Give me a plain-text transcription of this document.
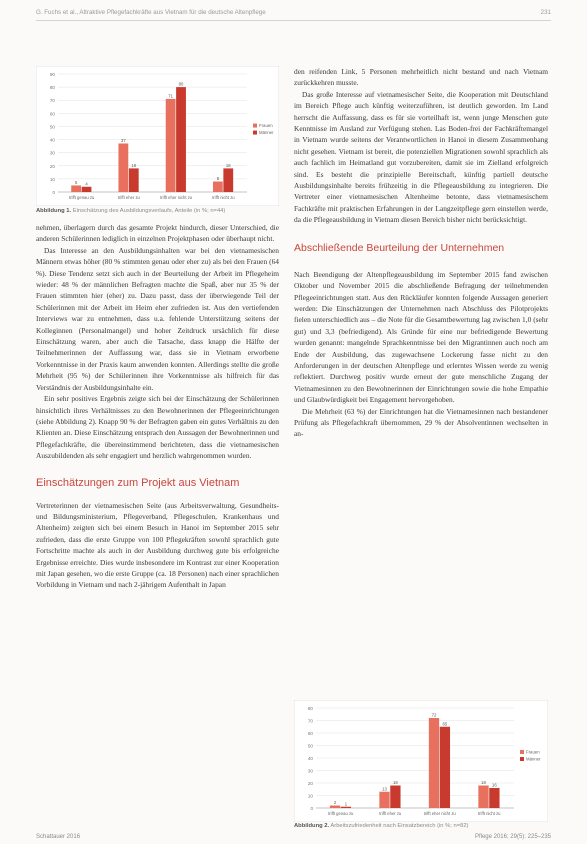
G. Fuchs et al., Attraktive Pflegefachkräfte aus Vietnam für die deutsche Altenpflege	231
0
10
20
30
40
50
60
70
80
90
5 4
trifft genau zu
37
18
trifft eher zu
71
80
trifft eher nicht zu
8
18
trifft nicht zu
Frauen
Männer
Abbildung 1. Einschätzung des Ausbildungsverlaufs, Anteile (in %; n=44)

nehmen, überlagern durch das gesamte Projekt hindurch, dieser Unterschied, die anderen Schülerinnen lediglich in einzelnen Projektphasen oder überhaupt nicht.

Das Interesse an den Ausbildungsinhalten war bei den vietnamesischen Männern etwas höher (80 % stimmten genau oder eher zu) als bei den Frauen (64 %). Diese Tendenz setzt sich auch in der Beurteilung der Arbeit im Pflegeheim wieder: 48 % der männlichen Befragten machte die Spaß, aber nur 35 % der Frauen stimmten hier (eher) zu. Dazu passt, dass der überwiegende Teil der Schülerinnen mit der Arbeit im Heim eher zufrieden ist. Aus den vertiefenden Interviews war zu entnehmen, dass u.a. fehlende Unterstützung seitens der Kolleginnen (Personalmangel) und hoher Zeitdruck ursächlich für diese Einschätzung waren, aber auch die Tatsache, dass knapp die Hälfte der Teilnehmerinnen der Auffassung war, dass sie in Vietnam erworbene Vorkenntnisse in der Praxis kaum anwenden konnten. Allerdings stellte die große Mehrheit (95 %) der Schülerinnen ihre Vorkenntnisse als hilfreich für das Verständnis der Ausbildungsinhalte ein.

Ein sehr positives Ergebnis zeigte sich bei der Einschätzung der Schülerinnen hinsichtlich ihres Verhältnisses zu den Bewohnerinnen der Pflegeeinrichtungen (siehe Abbildung 2). Knapp 90 % der Befragten gaben ein gutes Verhältnis zu den Klienten an. Diese Einschätzung entsprach den Aussagen der Bewohnerinnen und Pflegefachkräfte, die übereinstimmend berichteten, dass die vietnamesischen Auszubildenden als sehr engagiert und herzlich wahrgenommen wurden.

Einschätzungen zum Projekt aus Vietnam

Vertreterinnen der vietnamesischen Seite (aus Arbeitsverwaltung, Gesundheits- und Bildungsministerium, Pflegeverband, Pflegeschulen, Krankenhaus und Altenheim) zeigten sich bei einem Besuch in Hanoi im September 2015 sehr zufrieden, dass die erste Gruppe von 100 Pflegekräften sowohl sprachlich gute Fortschritte machte als auch in der Ausbildung durchweg gute bis erfolgreiche Ergebnisse erreichte. Dies wurde insbesondere im Kontrast zur einer Kooperation mit Japan gesehen, wo die erste Gruppe (ca. 18 Personen) nach einer sprachlichen Vorbildung in Vietnam und nach 2-jährigem Aufenthalt in Japan

den reifenden Link, 5 Personen mehrheitlich nicht bestand und nach Vietnam zurückkehren musste.

Das große Interesse auf vietnamesischer Seite, die Kooperation mit Deutschland im Bereich Pflege auch künftig weiterzuführen, ist deutlich geworden. Im Land herrscht die Auffassung, dass es für sie vorteilhaft ist, wenn junge Menschen gute Kenntnisse im Ausland zur Verfügung stehen. Las Boden-frei der Fachkräftemangel in Vietnam wurde seitens der Verantwortlichen in Hanoi in diesem Zusammenhang nicht gesehen. Vietnam ist bereit, die potenziellen Migrationen sowohl sprachlich als auch fachlich im Heimatland gut vorzubereiten, damit sie im Zielland erfolgreich sind. Es besteht die prinzipielle Bereitschaft, künftig partiell deutsche Ausbildungsinhalte bereits frühzeitig in die Pflegeausbildung zu integrieren. Die Vertreter einer vietnamesischen Altenheime betonte, dass vietnamesischem Fachkräfte mit praktischen Erfahrungen in der Langzeitpflege gern einstellen werde, da die Pflegeausbildung in Vietnam diesen Bereich bisher nicht berücksichtigt.

Abschließende Beurteilung der Unternehmen

Nach Beendigung der Altenpflegeausbildung im September 2015 fand zwischen Oktober und November 2015 die abschließende Befragung der teilnehmenden Pflegeeinrichtungen statt. Aus den Rückläufer konnten folgende Aussagen generiert werden: Die Einschätzungen der Unternehmen nach Abschluss des Pilotprojekts fielen unterschiedlich aus – die Note für die Gesamtbewertung lag zwischen 1,0 (sehr gut) und 3,3 (befriedigend). Als Gründe für eine nur befriedigende Bewertung wurden genannt: mangelnde Sprachkenntnisse bei den Migrantinnen auch noch am Ende der Ausbildung, das zugewachsene Lockerung fasse nicht zu den Anforderungen in der deutschen Altenpflege und erlerntes Wissen werde zu wenig reflektiert. Durchweg positiv wurde erneut der gute menschliche Zugang der Vietnamesinnen zu den Bewohnerinnen der Einrichtungen sowie die hohe Empathie und Glaubwürdigkeit bei Engagement hervorgehoben.

Die Mehrheit (63 %) der Einrichtungen hat die Vietnamesinnen nach bestandener Prüfung als Pflegefachkraft übernommen, 29 % der Absolventinnen wechselten in an-

0
10
20
30
40
50
60
70
80
2 1
trifft genau zu
13
18
trifft eher zu
72
65
trifft eher nicht zu
18 16
trifft nicht zu
Frauen
Männer
Abbildung 2. Arbeitszufriedenheit nach Einsatzbereich (in %; n=82)
Schattauer 2016	Pflege 2016; 29(5): 225–235
